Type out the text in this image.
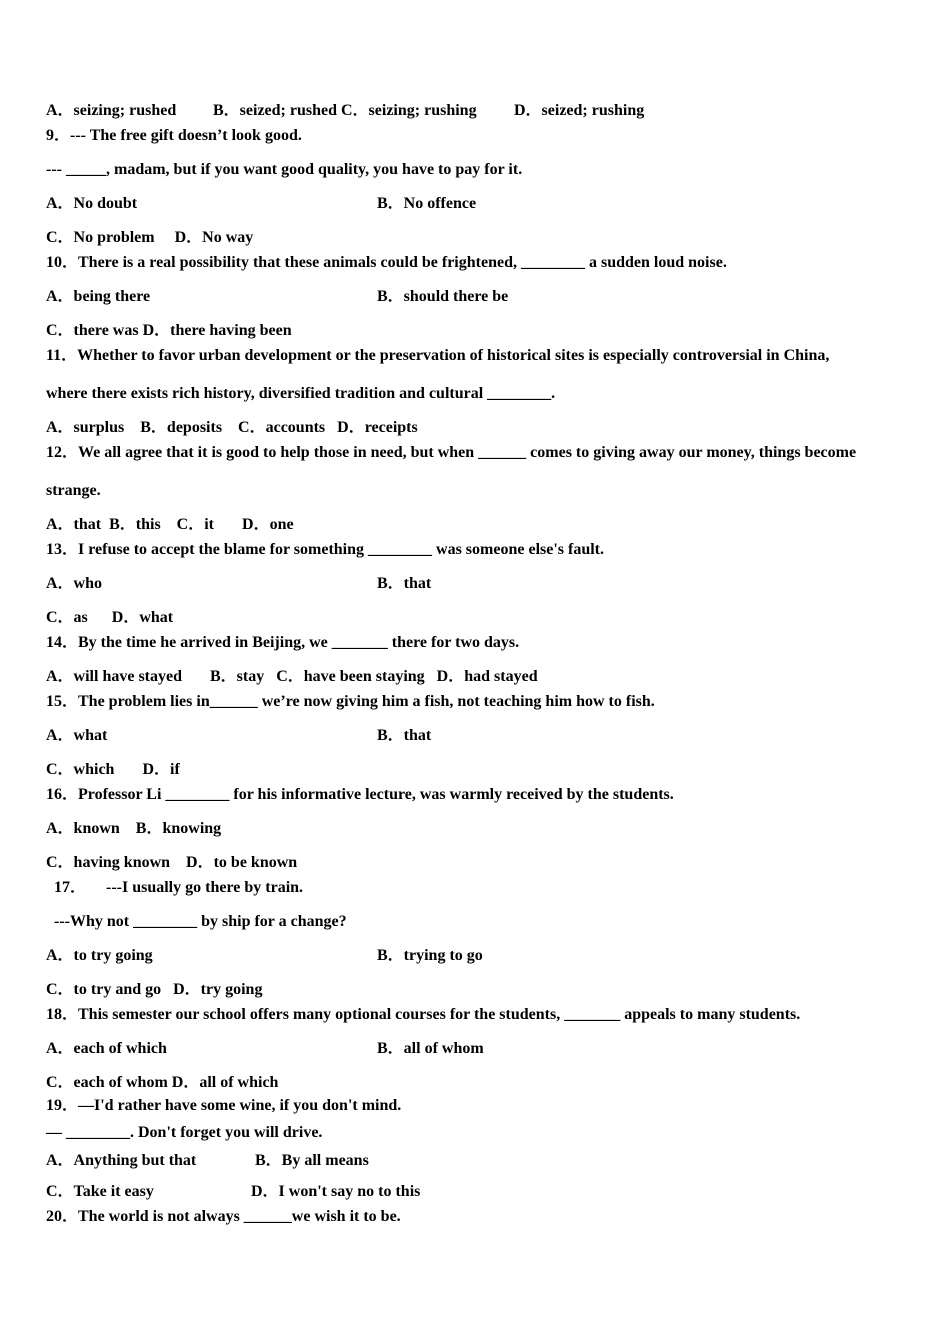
A．seizing; rushed B．seized; rushed C．seizing; rushing D．seized; rushing
9．--- The free gift doesn’t look good.
--- _____, madam, but if you want good quality, you have to pay for it.
A．No doubt	B．No offence
C．No problem     D．No way
10．There is a real possibility that these animals could be frightened, ________ a sudden loud noise.
A．being there	B．should there be
C．there was D．there having been
11．Whether to favor urban development or the preservation of historical sites is especially controversial in China,
where there exists rich history, diversified tradition and cultural ________.
A．surplus    B．deposits    C．accounts   D．receipts
12．We all agree that it is good to help those in need, but when ______ comes to giving away our money, things become
strange.
A．that  B．this    C．it       D．one
13．I refuse to accept the blame for something ________ was someone else's fault.
A．who	B．that
C．as      D．what
14．By the time he arrived in Beijing, we _______ there for two days.
A．will have stayed       B．stay   C．have been staying   D．had stayed
15．The problem lies in______ we’re now giving him a fish, not teaching him how to fish.
A．what	B．that
C．which       D．if
16．Professor Li ________ for his informative lecture, was warmly received by the students.
A．known    B．knowing
C．having known    D．to be known
17．     ---I usually go there by train.
---Why not ________ by ship for a change?
A．to try going	B．trying to go
C．to try and go   D．try going
18．This semester our school offers many optional courses for the students, _______ appeals to many students.
A．each of which	B．all of whom
C．each of whom D．all of which
19．—I'd rather have some wine, if you don't mind.
— ________. Don't forget you will drive.
A．Anything but that	B．By all means
C．Take it easy	D．I won't say no to this
20．The world is not always ______we wish it to be.
